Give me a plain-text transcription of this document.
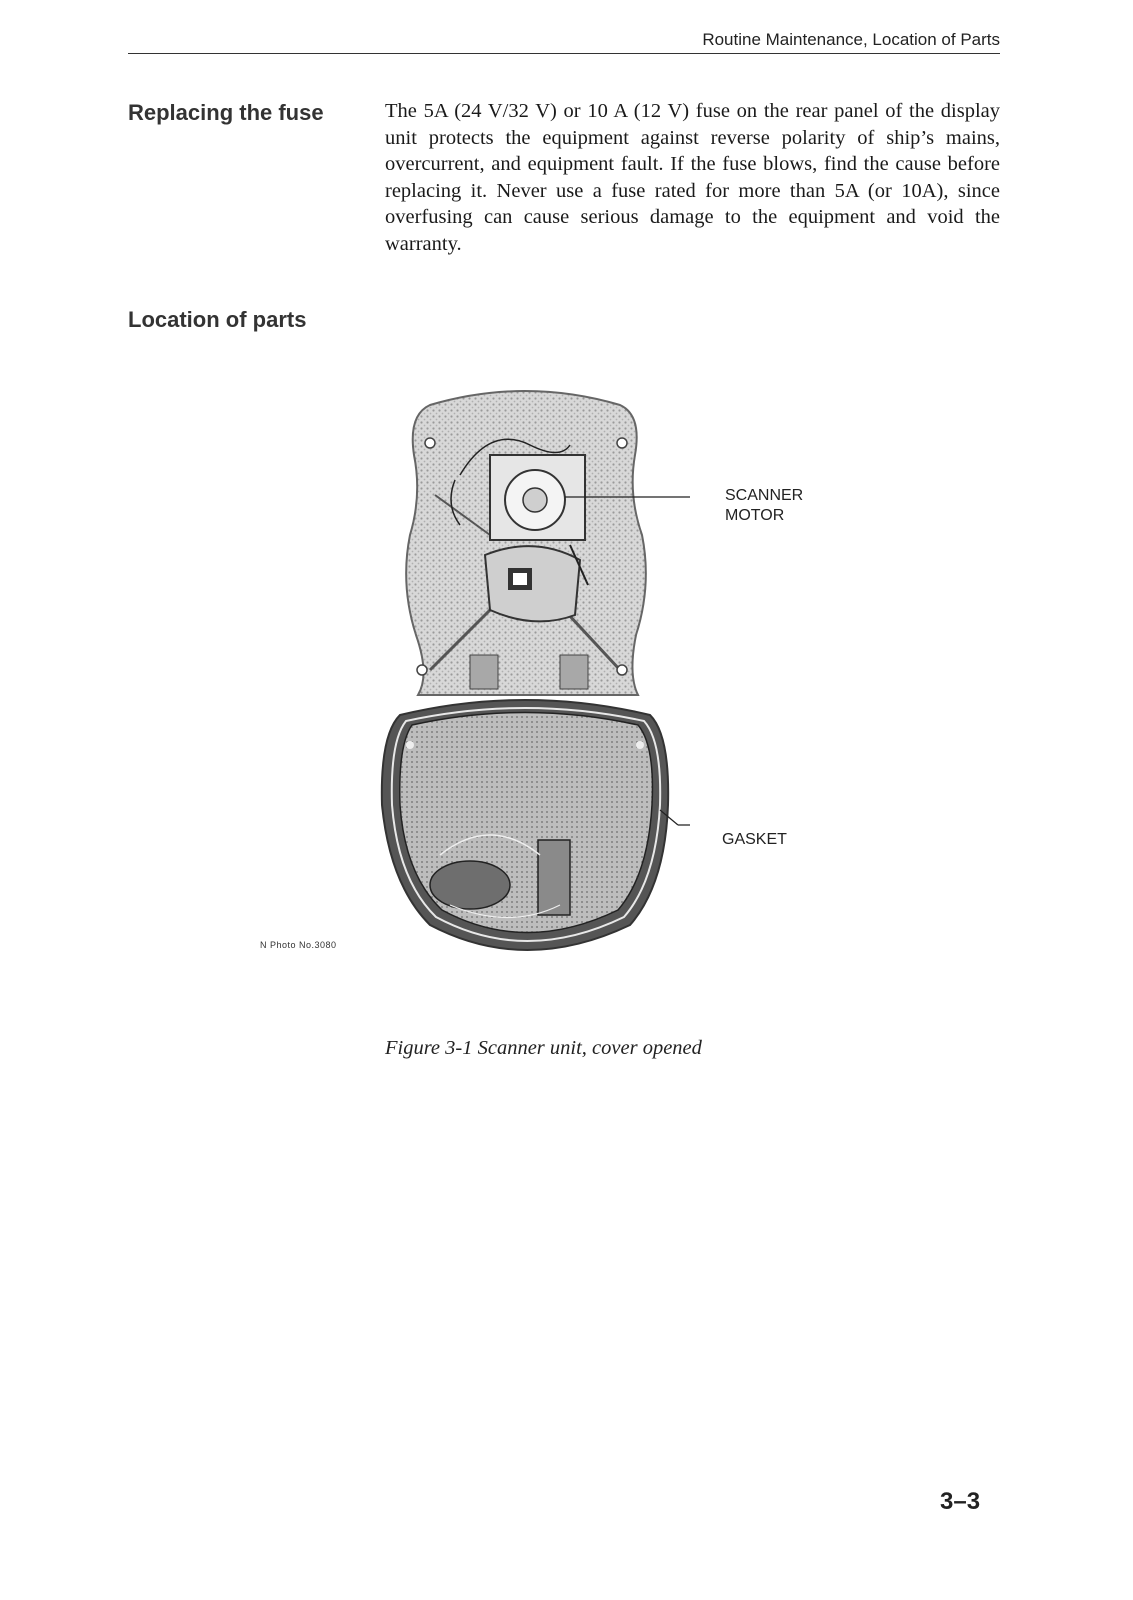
Routine Maintenance, Location of Parts
Replacing the fuse	The 5A (24 V/32 V) or 10 A (12 V) fuse on the rear panel of the display unit protects the equipment against reverse polarity of ship’s mains, overcurrent, and equipment fault. If the fuse blows, find the cause before replacing it. Never use a fuse rated for more than 5A (or 10A), since overfusing can cause serious damage to the equipment and void the warranty.
Location of parts
SCANNER
MOTOR
GASKET
N Photo No.3080
Figure 3-1 Scanner unit, cover opened
3–3
